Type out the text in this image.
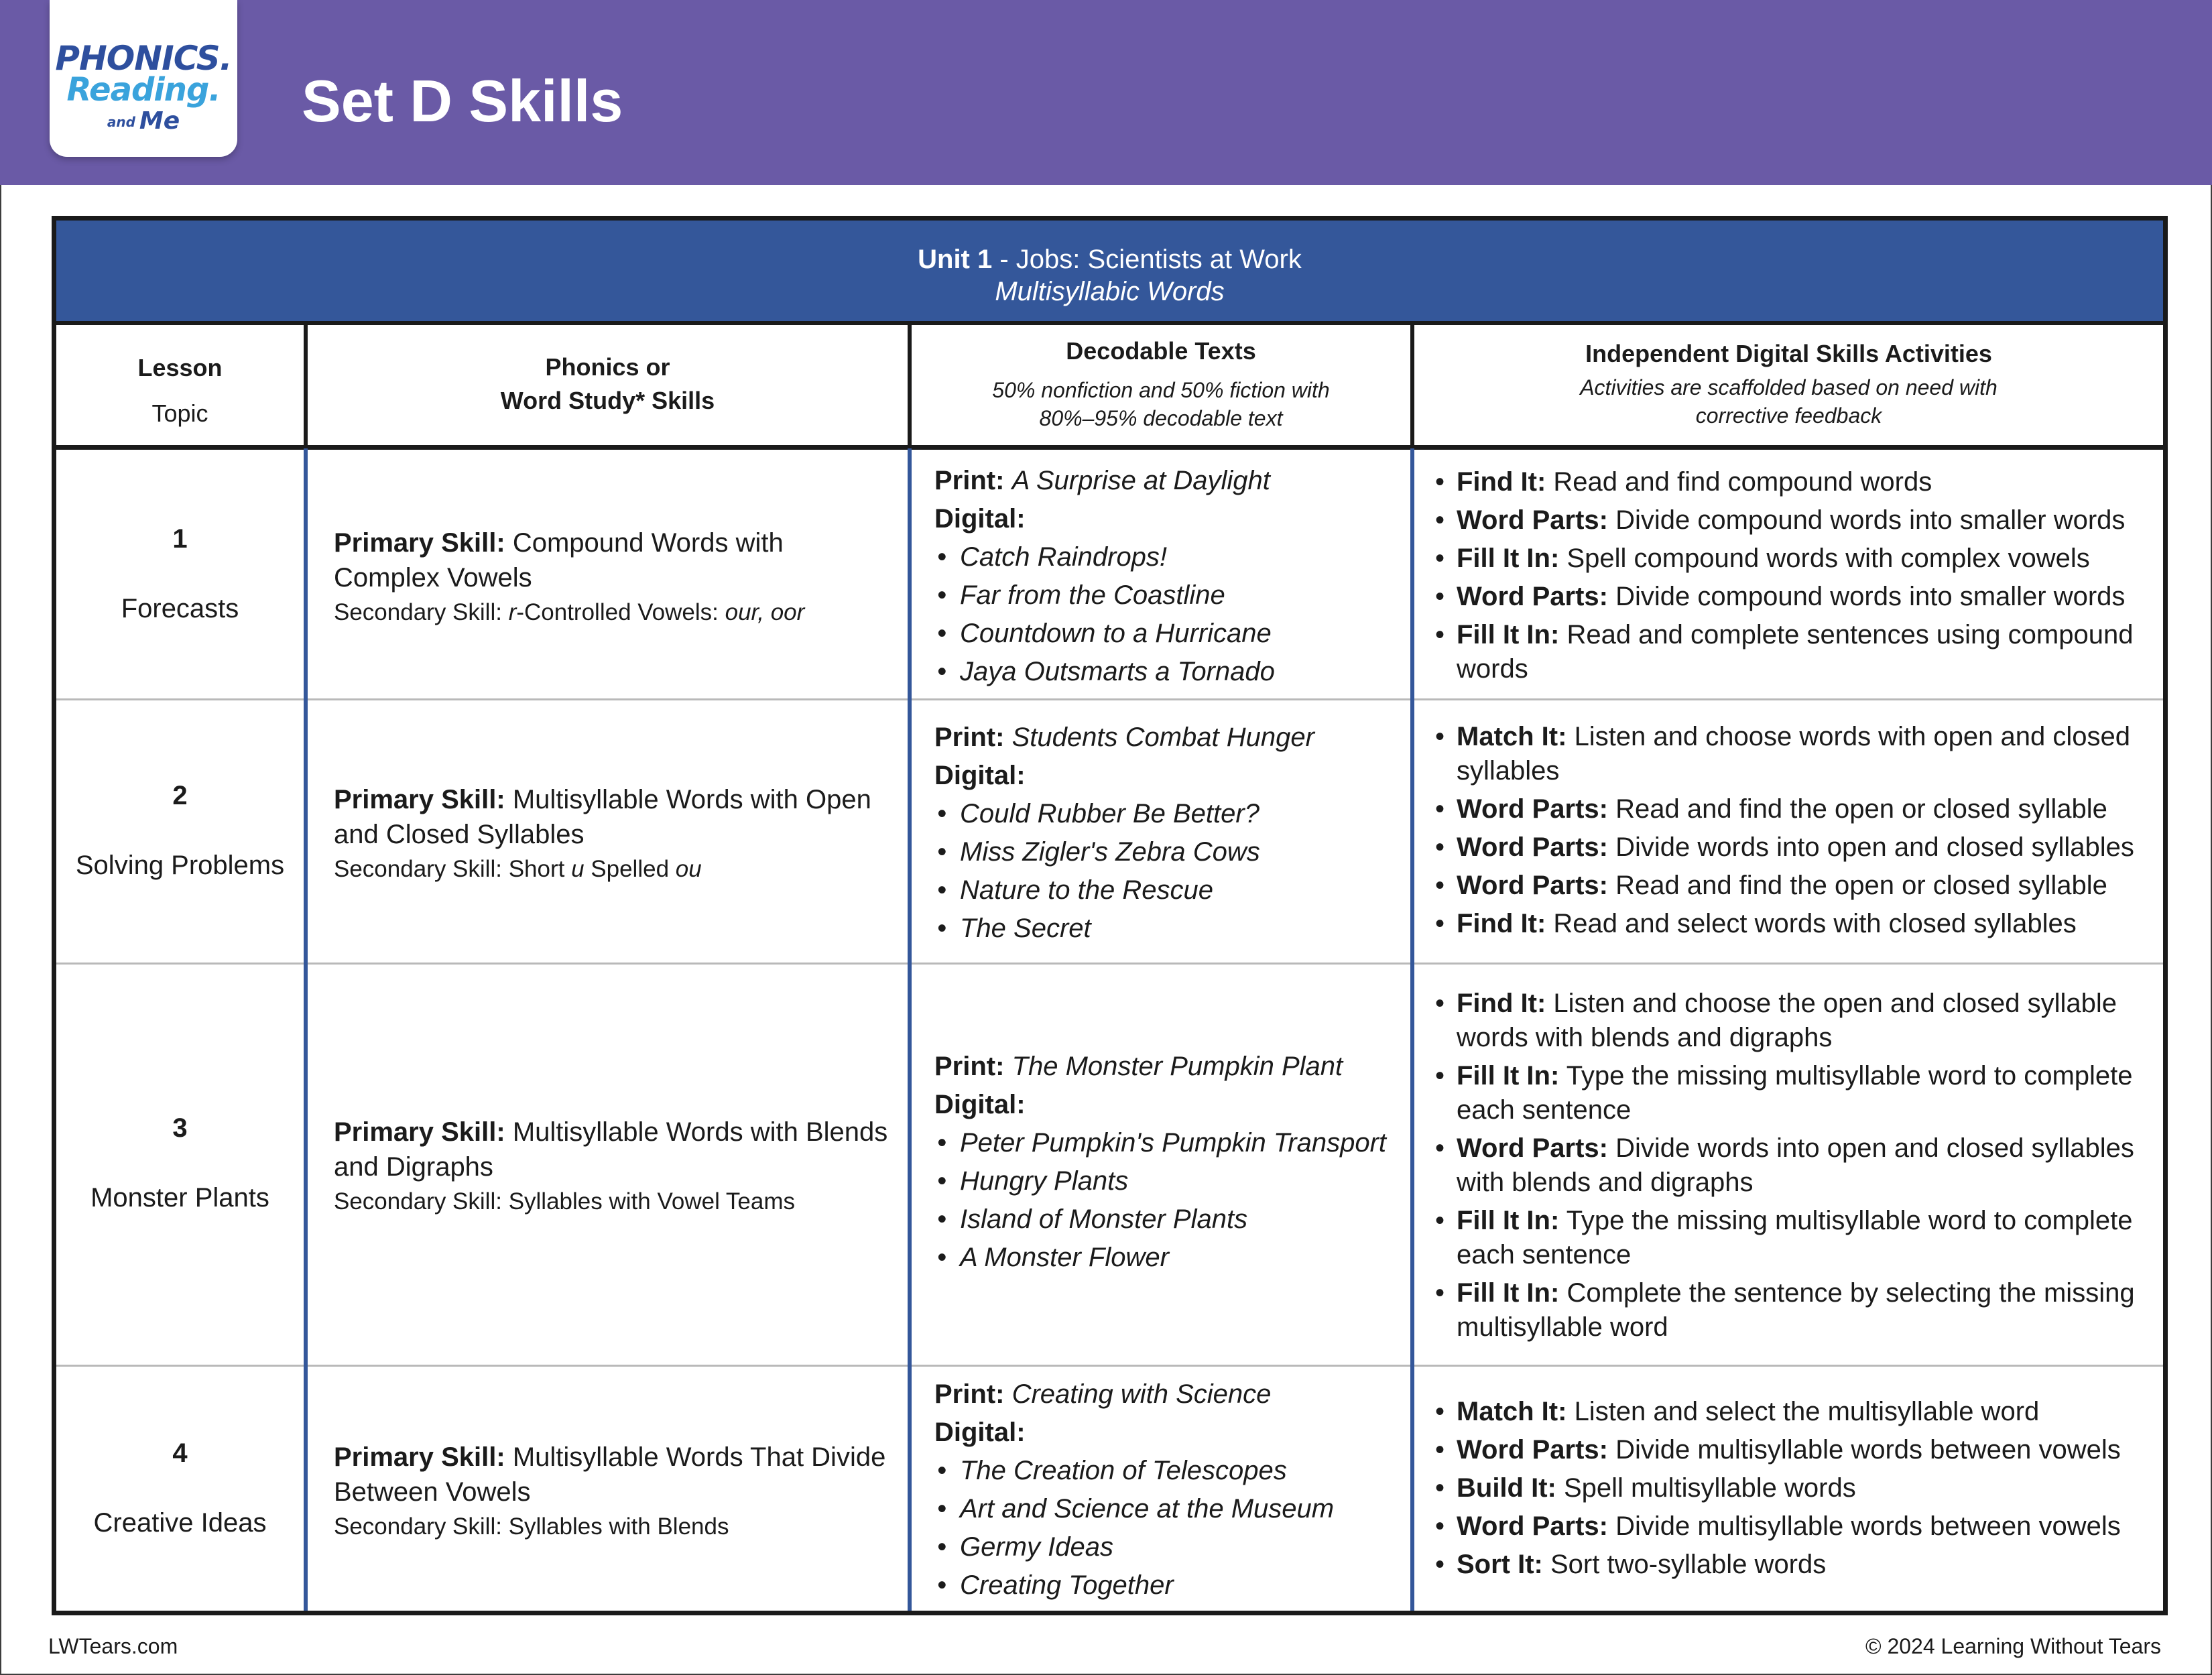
PHONICS.
Reading.
and Me	Set D Skills
Unit 1 - Jobs: Scientists at Work
Multisyllabic Words
Lesson
Topic
Phonics or
Word Study* Skills
Decodable Texts
50% nonfiction and 50% fiction with
80%–95% decodable text
Independent Digital Skills Activities
Activities are scaffolded based on need with
corrective feedback
1
Forecasts
Primary Skill: Compound Words with
Complex Vowels
Secondary Skill: r-Controlled Vowels: our, oor
Print: A Surprise at Daylight
Digital:
• Catch Raindrops!
• Far from the Coastline
• Countdown to a Hurricane
• Jaya Outsmarts a Tornado
• Find It: Read and find compound words
• Word Parts: Divide compound words into smaller words
• Fill It In: Spell compound words with complex vowels
• Word Parts: Divide compound words into smaller words
• Fill It In: Read and complete sentences using compound
words
2
Solving Problems
Primary Skill: Multisyllable Words with Open
and Closed Syllables
Secondary Skill: Short u Spelled ou
Print: Students Combat Hunger
Digital:
• Could Rubber Be Better?
• Miss Zigler's Zebra Cows
• Nature to the Rescue
• The Secret
• Match It: Listen and choose words with open and closed
syllables
• Word Parts: Read and find the open or closed syllable
• Word Parts: Divide words into open and closed syllables
• Word Parts: Read and find the open or closed syllable
• Find It: Read and select words with closed syllables
3
Monster Plants
Primary Skill: Multisyllable Words with Blends
and Digraphs
Secondary Skill: Syllables with Vowel Teams
Print: The Monster Pumpkin Plant
Digital:
• Peter Pumpkin's Pumpkin Transport
• Hungry Plants
• Island of Monster Plants
• A Monster Flower
• Find It: Listen and choose the open and closed syllable
words with blends and digraphs
• Fill It In: Type the missing multisyllable word to complete
each sentence
• Word Parts: Divide words into open and closed syllables
with blends and digraphs
• Fill It In: Type the missing multisyllable word to complete
each sentence
• Fill It In: Complete the sentence by selecting the missing
multisyllable word
4
Creative Ideas
Primary Skill: Multisyllable Words That Divide
Between Vowels
Secondary Skill: Syllables with Blends
Print: Creating with Science
Digital:
• The Creation of Telescopes
• Art and Science at the Museum
• Germy Ideas
• Creating Together
• Match It: Listen and select the multisyllable word
• Word Parts: Divide multisyllable words between vowels
• Build It: Spell multisyllable words
• Word Parts: Divide multisyllable words between vowels
• Sort It: Sort two-syllable words
LWTears.com	© 2024 Learning Without Tears
